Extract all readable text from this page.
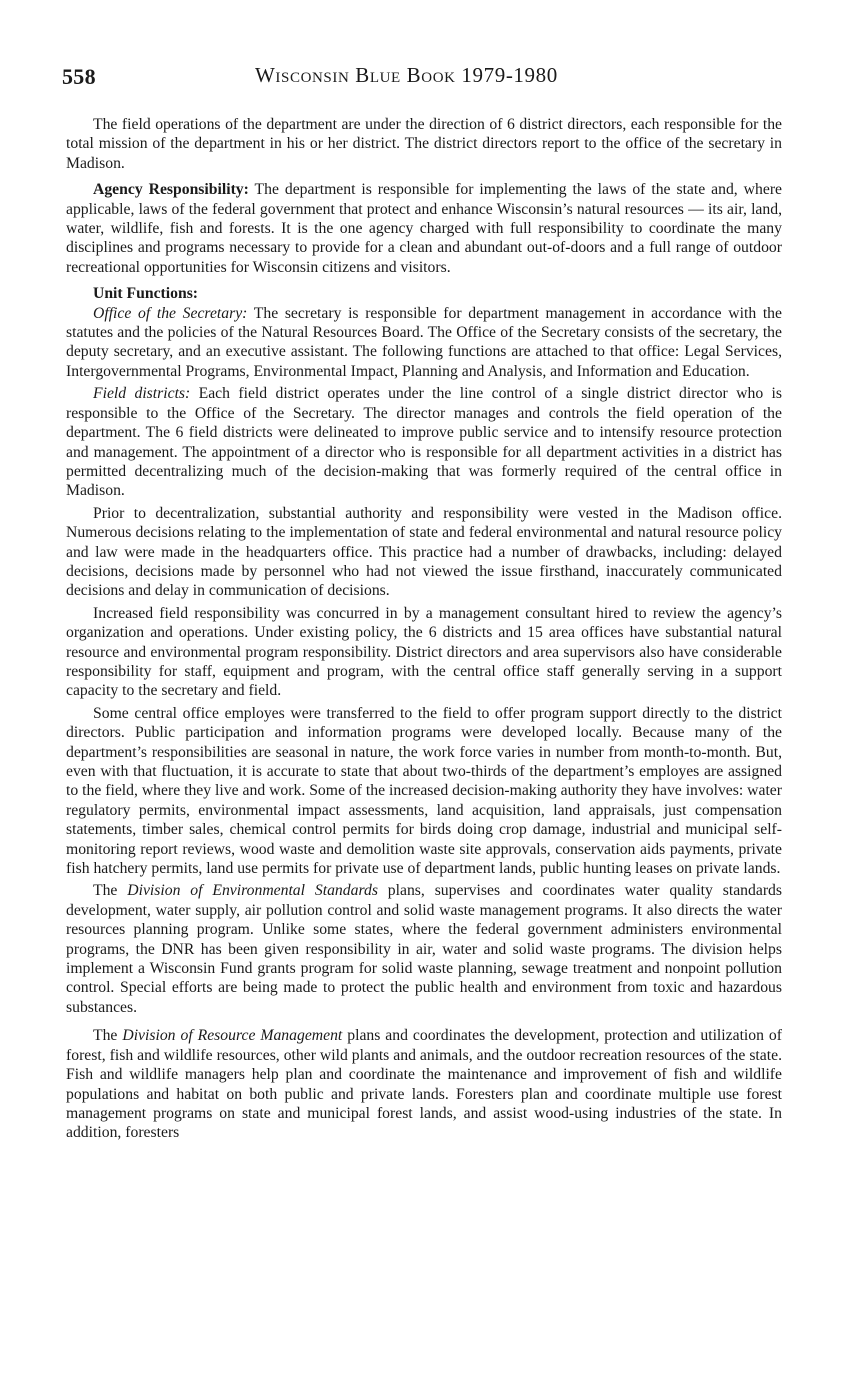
558	Wisconsin Blue Book 1979-1980

The field operations of the department are under the direction of 6 district directors, each responsible for the total mission of the department in his or her district. The district directors report to the office of the secretary in Madison.

Agency Responsibility: The department is responsible for implementing the laws of the state and, where applicable, laws of the federal government that protect and enhance Wisconsin’s natural resources — its air, land, water, wildlife, fish and forests. It is the one agency charged with full responsibility to coordinate the many disciplines and programs necessary to provide for a clean and abundant out-of-doors and a full range of outdoor recreational opportunities for Wisconsin citizens and visitors.

Unit Functions:

Office of the Secretary: The secretary is responsible for department management in accordance with the statutes and the policies of the Natural Resources Board. The Office of the Secretary consists of the secretary, the deputy secretary, and an executive assistant. The following functions are attached to that office: Legal Services, Intergovernmental Programs, Environmental Impact, Planning and Analysis, and Information and Education.

Field districts: Each field district operates under the line control of a single district director who is responsible to the Office of the Secretary. The director manages and controls the field operation of the department. The 6 field districts were delineated to improve public service and to intensify resource protection and management. The appointment of a director who is responsible for all department activities in a district has permitted decentralizing much of the decision-making that was formerly required of the central office in Madison.

Prior to decentralization, substantial authority and responsibility were vested in the Madison office. Numerous decisions relating to the implementation of state and federal environmental and natural resource policy and law were made in the headquarters office. This practice had a number of drawbacks, including: delayed decisions, decisions made by personnel who had not viewed the issue firsthand, inaccurately communicated decisions and delay in communication of decisions.

Increased field responsibility was concurred in by a management consultant hired to review the agency’s organization and operations. Under existing policy, the 6 districts and 15 area offices have substantial natural resource and environmental program responsibility. District directors and area supervisors also have considerable responsibility for staff, equipment and program, with the central office staff generally serving in a support capacity to the secretary and field.

Some central office employes were transferred to the field to offer program support directly to the district directors. Public participation and information programs were developed locally. Because many of the department’s responsibilities are seasonal in nature, the work force varies in number from month-to-month. But, even with that fluctuation, it is accurate to state that about two-thirds of the department’s employes are assigned to the field, where they live and work. Some of the increased decision-making authority they have involves: water regulatory permits, environmental impact assessments, land acquisition, land appraisals, just compensation statements, timber sales, chemical control permits for birds doing crop damage, industrial and municipal self-monitoring report reviews, wood waste and demolition waste site approvals, conservation aids payments, private fish hatchery permits, land use permits for private use of department lands, public hunting leases on private lands.

The Division of Environmental Standards plans, supervises and coordinates water quality standards development, water supply, air pollution control and solid waste management programs. It also directs the water resources planning program. Unlike some states, where the federal government administers environmental programs, the DNR has been given responsibility in air, water and solid waste programs. The division helps implement a Wisconsin Fund grants program for solid waste planning, sewage treatment and nonpoint pollution control. Special efforts are being made to protect the public health and environment from toxic and hazardous substances.

The Division of Resource Management plans and coordinates the development, protection and utilization of forest, fish and wildlife resources, other wild plants and animals, and the outdoor recreation resources of the state. Fish and wildlife managers help plan and coordinate the maintenance and improvement of fish and wildlife populations and habitat on both public and private lands. Foresters plan and coordinate multiple use forest management programs on state and municipal forest lands, and assist wood-using industries of the state. In addition, foresters
